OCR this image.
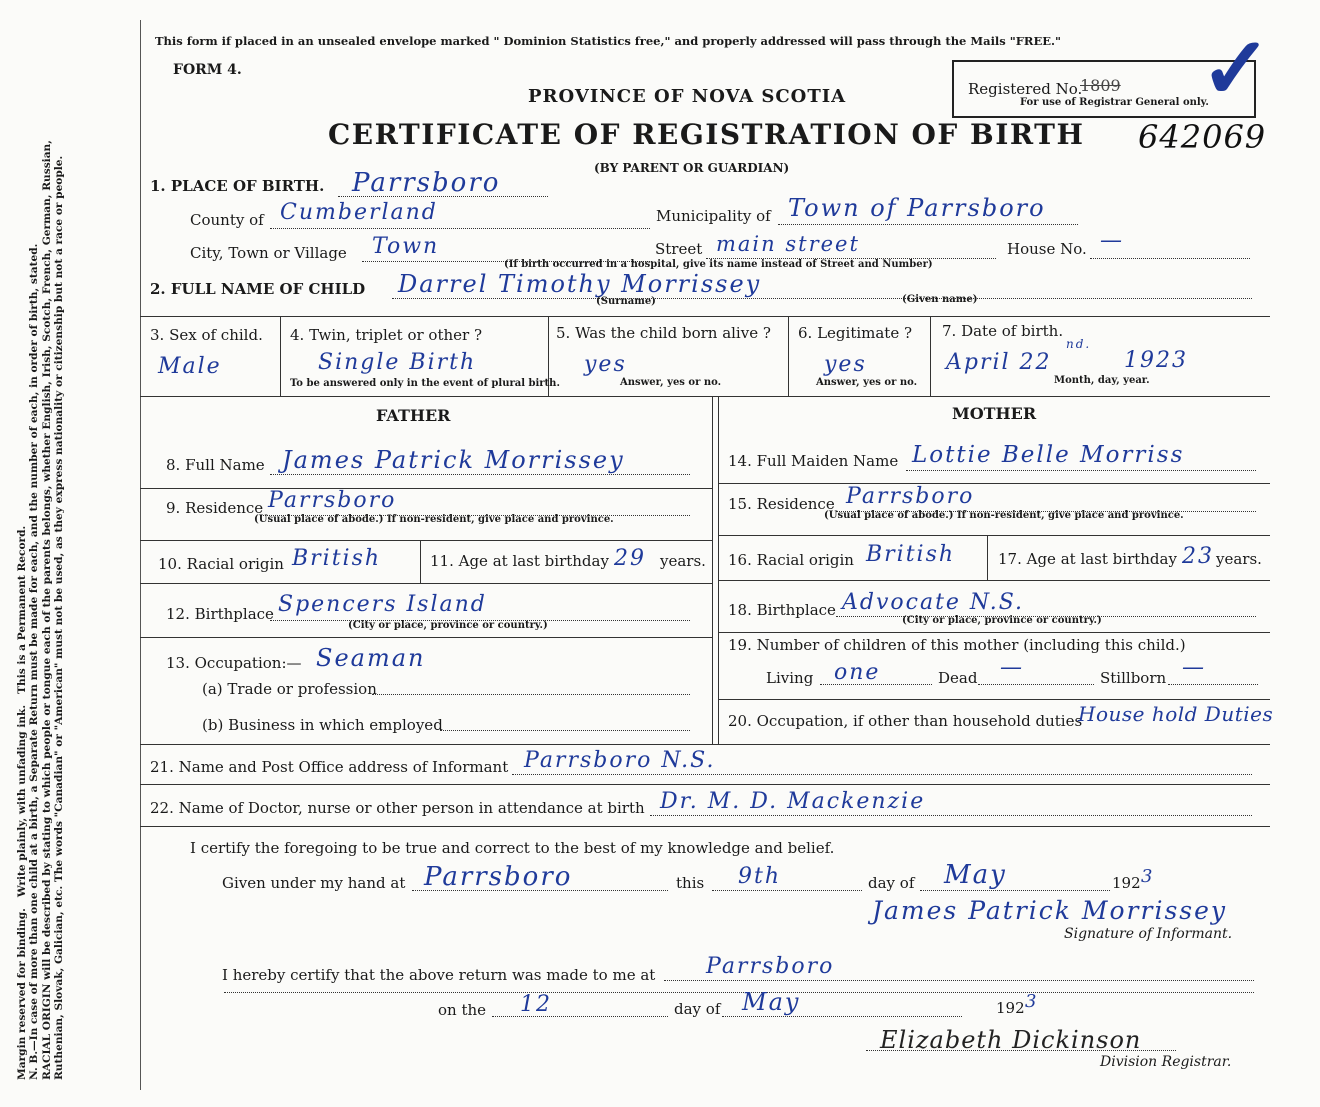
Margin reserved for binding.   Write plainly, with unfading ink.   This is a Permanent Record. N. B.—In case of more than one child at a birth, a Separate Return must be made for each, and the number of each, in order of birth, stated. RACIAL ORIGIN will be described by stating to which people or tongue each of the parents belongs, whether English, Irish, Scotch, French, German, Russian, Ruthenian, Slovak, Galician, etc. The words "Canadian" or "American" must not be used, as they express nationality or citizenship but not a race or people.
This form if placed in an unsealed envelope marked " Dominion Statistics free," and properly addressed will pass through the Mails "FREE."
FORM 4.
PROVINCE OF NOVA SCOTIA
CERTIFICATE OF REGISTRATION OF BIRTH
(BY PARENT OR GUARDIAN)
Registered No.
1809
For use of Registrar General only.
✓
642069
1. PLACE OF BIRTH. Parrsboro
County of Cumberland	Municipality of Town of Parrsboro
City, Town or Village Town	Street main street	House No. —
(If birth occurred in a hospital, give its name instead of Street and Number)
2. FULL NAME OF CHILD Darrel Timothy Morrissey
(Surname)	(Given name)
3. Sex of child.
Male
4. Twin, triplet or other ?
Single Birth
To be answered only in the event of plural birth.
5. Was the child born alive ?
yes
Answer, yes or no.
6. Legitimate ?
yes
Answer, yes or no.
7. Date of birth.
April 22
nd.
1923
Month, day, year.
FATHER
8. Full Name James Patrick Morrissey
9. Residence Parrsboro
(Usual place of abode.) If non-resident, give place and province.
10. Racial origin British	11. Age at last birthday 29 years.
12. Birthplace Spencers Island
(City or place, province or country.)
13. Occupation:— Seaman
(a) Trade or profession
(b) Business in which employed
MOTHER
14. Full Maiden Name Lottie Belle Morriss
15. Residence Parrsboro
(Usual place of abode.) If non-resident, give place and province.
16. Racial origin British	17. Age at last birthday 23 years.
18. Birthplace Advocate N.S.
(City or place, province or country.)
19. Number of children of this mother (including this child.)
Living one	Dead —	Stillborn —
20. Occupation, if other than household duties
House hold Duties
21. Name and Post Office address of Informant Parrsboro N.S.
22. Name of Doctor, nurse or other person in attendance at birth Dr. M. D. Mackenzie
I certify the foregoing to be true and correct to the best of my knowledge and belief.
Given under my hand at Parrsboro	this 9th	day of May	192 3
James Patrick Morrissey
Signature of Informant.
I hereby certify that the above return was made to me at Parrsboro
on the 12	day of May	192 3
Elizabeth Dickinson
Division Registrar.
